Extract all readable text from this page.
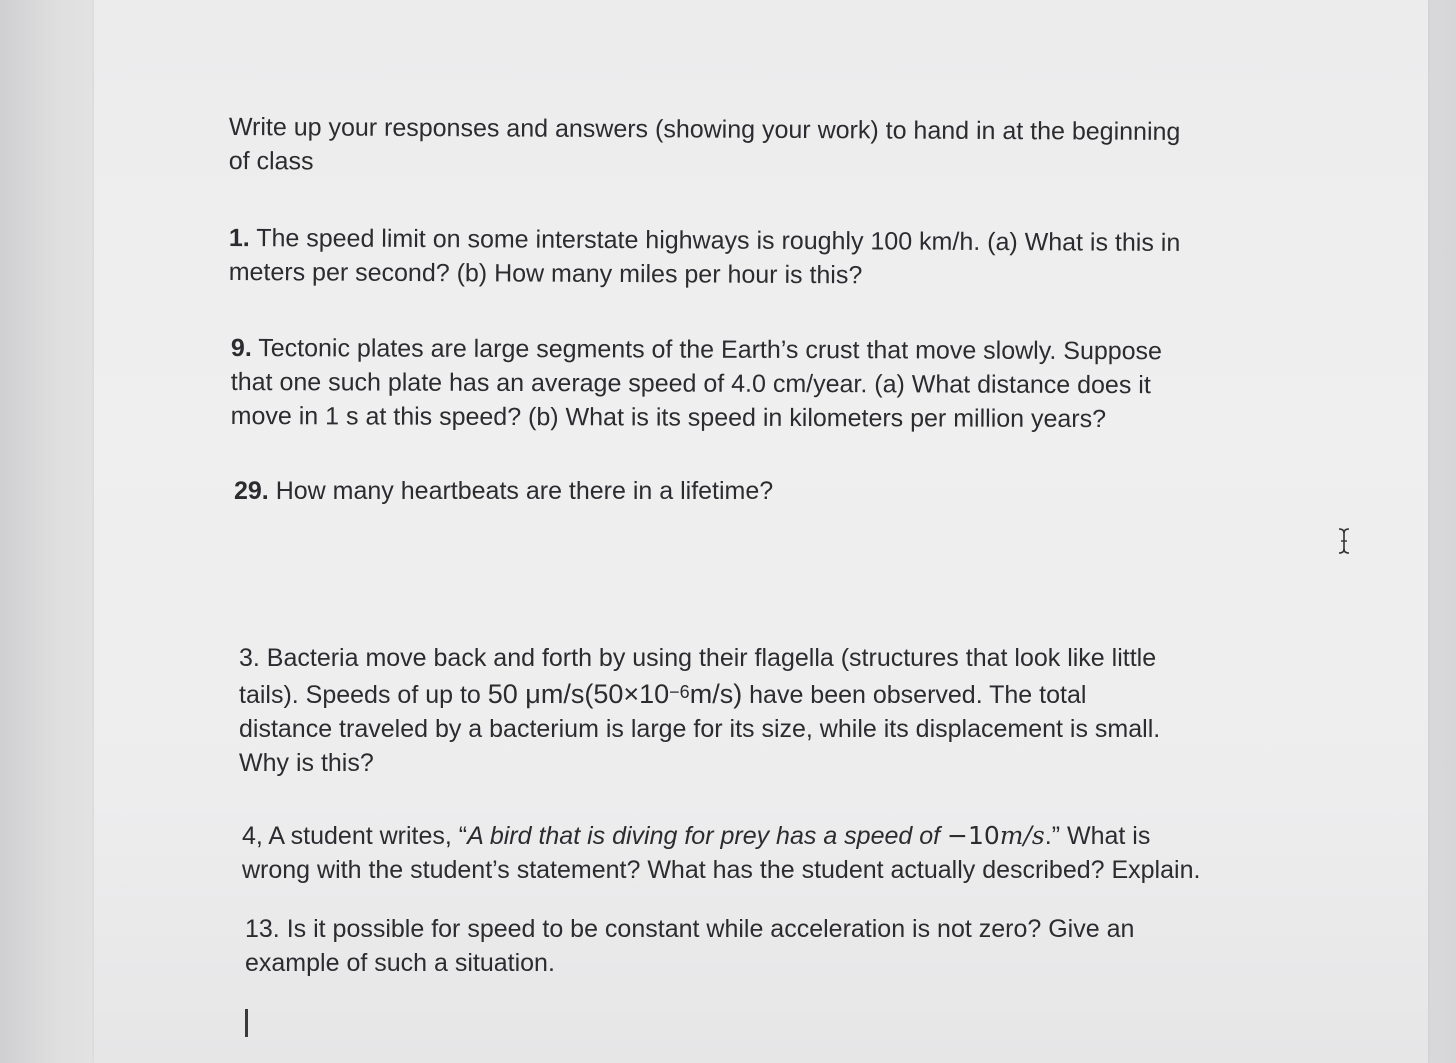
Write up your responses and answers (showing your work) to hand in at the beginning
of class

1. The speed limit on some interstate highways is roughly 100 km/h. (a) What is this in
meters per second? (b) How many miles per hour is this?

9. Tectonic plates are large segments of the Earth’s crust that move slowly. Suppose
that one such plate has an average speed of 4.0 cm/year. (a) What distance does it
move in 1 s at this speed? (b) What is its speed in kilometers per million years?

29. How many heartbeats are there in a lifetime?

3. Bacteria move back and forth by using their flagella (structures that look like little
tails). Speeds of up to 50 $\mu m/s(50\times 10^{-6}m/s)$ have been observed. The total
distance traveled by a bacterium is large for its size, while its displacement is small.
Why is this?

4, A student writes, “A bird that is diving for prey has a speed of −10m/s.” What is
wrong with the student’s statement? What has the student actually described? Explain.

13. Is it possible for speed to be constant while acceleration is not zero? Give an
example of such a situation.
